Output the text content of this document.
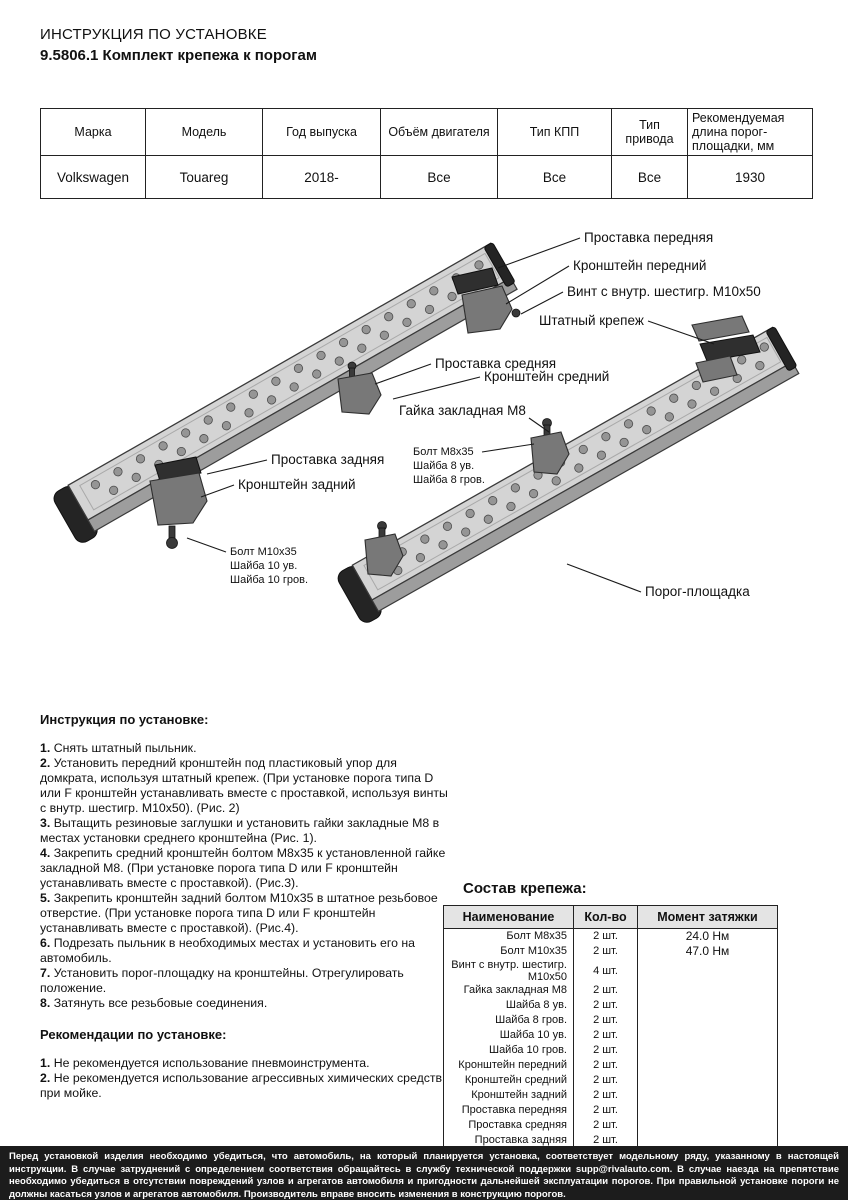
ИНСТРУКЦИЯ ПО УСТАНОВКЕ
9.5806.1 Комплект крепежа к порогам
Марка	Модель	Год выпуска	Объём двигателя	Тип КПП	Тип привода	Рекомендуемая длина порог-площадки, мм
Volkswagen	Touareg	2018-	Все	Все	Все	1930
Проставка передняя
Кронштейн передний
Винт с внутр. шестигр. М10х50
Штатный крепеж
Проставка средняя
Кронштейн средний
Гайка закладная М8
Болт М8х35
Шайба 8 ув.
Шайба 8 гров.
Проставка задняя
Кронштейн задний
Болт М10х35
Шайба 10 ув.
Шайба 10 гров.
Порог-площадка
Инструкция по установке:

1. Снять штатный пыльник.

2. Установить передний кронштейн под пластиковый упор для домкрата, используя штатный крепеж. (При установке порога типа D или F кронштейн устанавливать вместе с проставкой, используя винты с внутр. шестигр. М10х50). (Рис. 2)

3. Вытащить резиновые заглушки и установить гайки закладные М8 в местах установки среднего кронштейна (Рис. 1).

4. Закрепить средний кронштейн болтом М8х35 к установленной гайке закладной М8. (При установке порога типа D или F кронштейн устанавливать вместе с проставкой). (Рис.3).

5. Закрепить кронштейн задний болтом М10х35 в штатное резьбовое отверстие. (При установке порога типа D или F кронштейн устанавливать вместе с проставкой). (Рис.4).

6. Подрезать пыльник в необходимых местах и установить его на автомобиль.

7. Установить порог-площадку на кронштейны. Отрегулировать положение.

8. Затянуть все резьбовые соединения.

Рекомендации по установке:

1. Не рекомендуется использование пневмоинструмента.

2. Не рекомендуется использование агрессивных химических средств при мойке.

Состав крепежа:
Наименование	Кол-во	Момент затяжки
Болт М8х35	2 шт.	24.0 Нм
Болт М10х35	2 шт.	47.0 Нм
Винт с внутр. шестигр. М10х50	4 шт.	
Гайка закладная М8	2 шт.	
Шайба 8 ув.	2 шт.	
Шайба 8 гров.	2 шт.	
Шайба 10 ув.	2 шт.	
Шайба 10 гров.	2 шт.	
Кронштейн передний	2 шт.	
Кронштейн средний	2 шт.	
Кронштейн задний	2 шт.	
Проставка передняя	2 шт.	
Проставка средняя	2 шт.	
Проставка задняя	2 шт.	

Перед установкой изделия необходимо убедиться, что автомобиль, на который планируется установка, соответствует модельному ряду, указанному в настоящей инструкции. В случае затруднений с определением соответствия обращайтесь в службу технической поддержки supp@rivalauto.com. В случае наезда на препятствие необходимо убедиться в отсутствии повреждений узлов и агрегатов автомобиля и пригодности дальнейшей эксплуатации порогов. При правильной установке пороги не должны касаться узлов и агрегатов автомобиля. Производитель вправе вносить изменения в конструкцию порогов.
